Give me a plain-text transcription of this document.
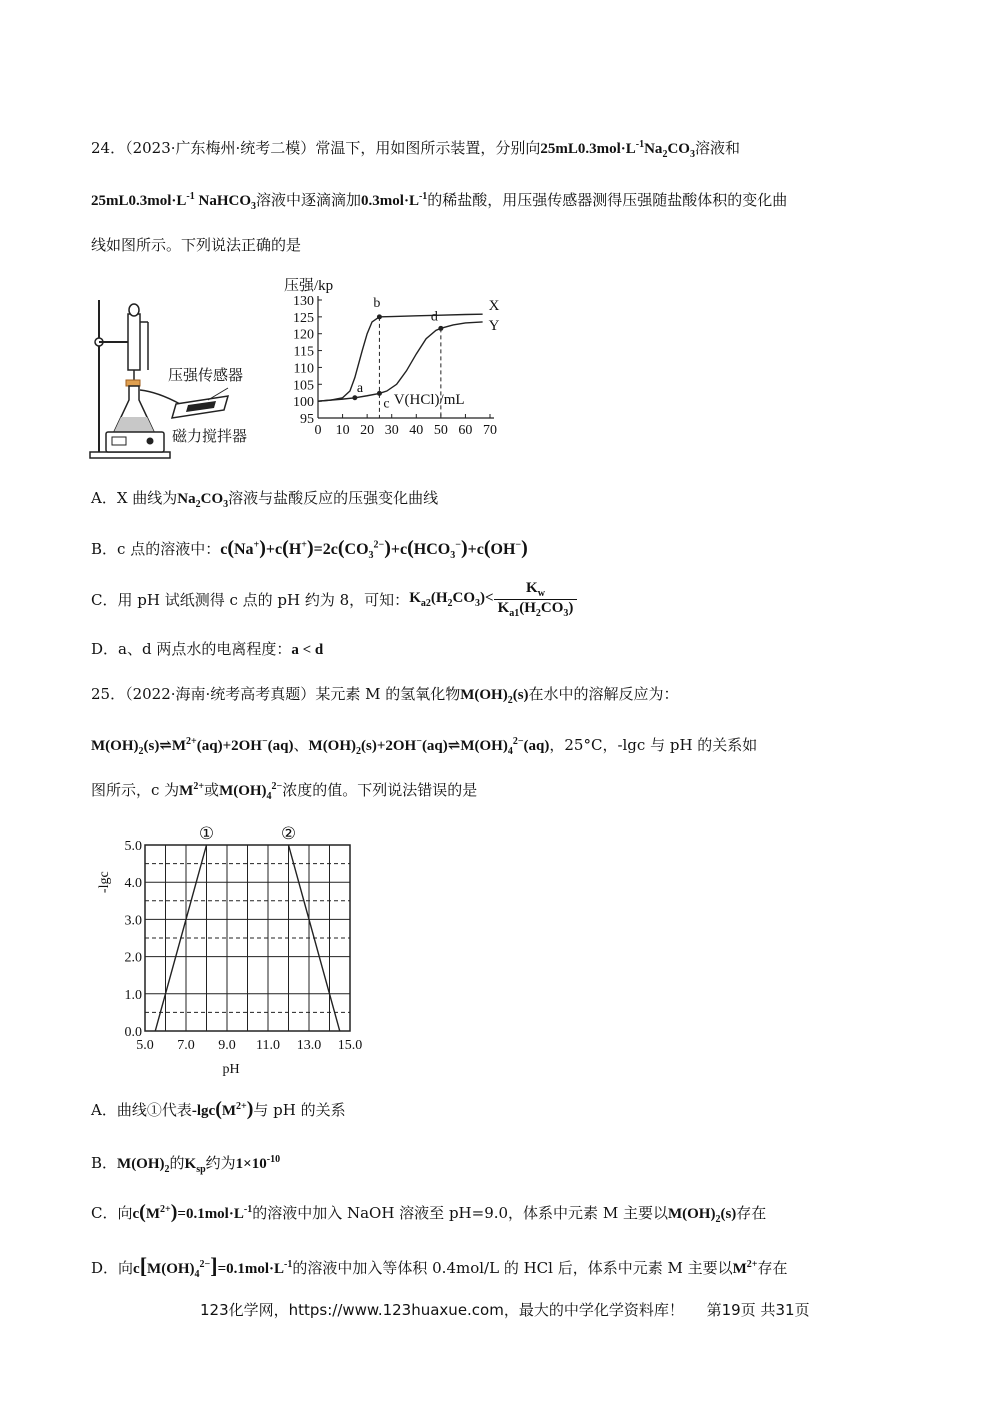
24．（2023·广东梅州·统考二模）常温下，用如图所示装置，分别向$25mL0.3mol\cdot L^{-1}Na_2CO_3$溶液和
$25mL0.3mol\cdot L^{-1}$ NaHCO$_3$溶液中逐滴滴加$0.3mol\cdot L^{-1}$的稀盐酸，用压强传感器测得压强随盐酸体积的变化曲
线如图所示。下列说法正确的是
压强传感器
磁力搅拌器
95
100
105
110
115
120
125
130
0 10 20 30 40 50 60 70
压强/kp
V(HCl)/mL
X
Y
a
b
c
d
A．X 曲线为$Na_2CO_3$溶液与盐酸反应的压强变化曲线
B．c 点的溶液中：$c(Na^+)+c(H^+)=2c(CO_3^{2-})+c(HCO_3^-)+c(OH^-)$
C．用 pH 试纸测得 c 点的 pH 约为 8，可知：$K_{a2}(H_2CO_3)< \frac{K_w}{K_{a1}(H_2CO_3)}$
D．a、d 两点水的电离程度：a < d
25．（2022·海南·统考高考真题）某元素 M 的氢氧化物$M(OH)_2(s)$在水中的溶解反应为：
$M(OH)_2(s)\rightleftharpoons M^{2+}(aq)+2OH^-(aq)$、$M(OH)_2(s)+2OH^-(aq)\rightleftharpoons M(OH)_4^{2-}(aq)$，25°C，-lgc 与 pH 的关系如
图所示，c 为$M^{2+}$或$M(OH)_4^{2-}$浓度的值。下列说法错误的是
0.0
1.0
2.0
3.0
4.0
5.0
5.0 7.0 9.0 11.0 13.0 15.0
-lgc
pH
①	②
A．曲线①代表$-\lg c(M^{2+})$与 pH 的关系
B．$M(OH)_2$的$K_{sp}$约为$1\times 10^{-10}$
C．向$c(M^{2+})=0.1mol\cdot L^{-1}$的溶液中加入 NaOH 溶液至 pH=9.0，体系中元素 M 主要以$M(OH)_2(s)$存在
D．向$c[M(OH)_4^{2-}]=0.1mol\cdot L^{-1}$的溶液中加入等体积 0.4mol/L 的 HCl 后，体系中元素 M 主要以$M^{2+}$存在
123化学网，https://www.123huaxue.com，最大的中学化学资料库！ 第19页 共31页
